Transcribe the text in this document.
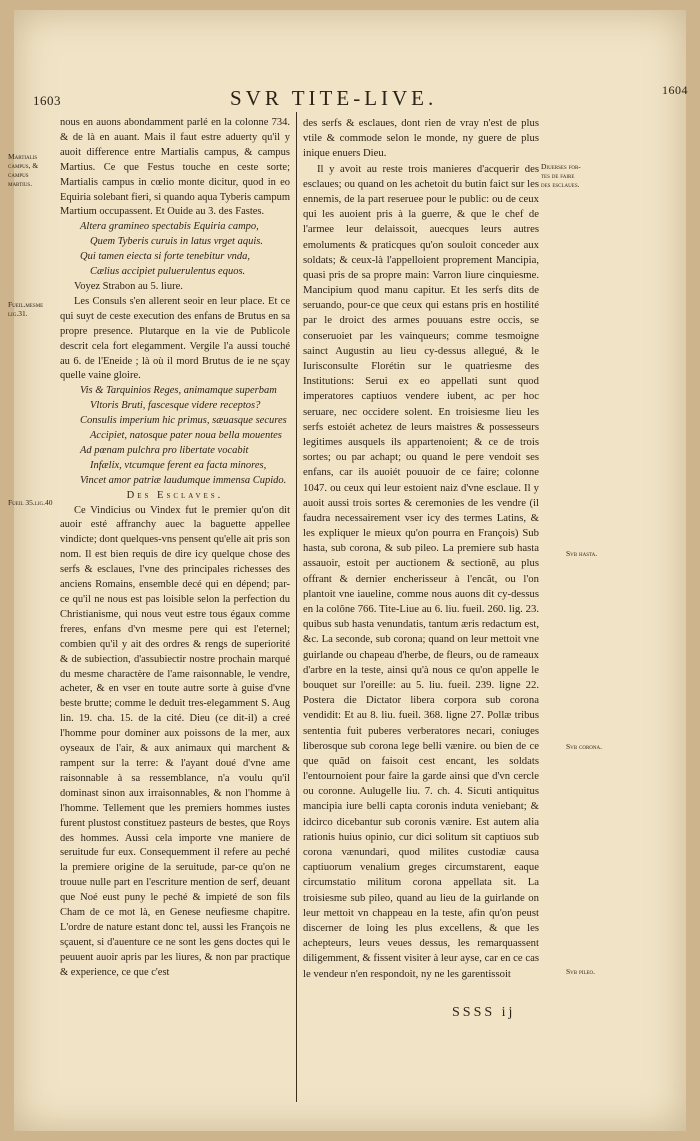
1603	SVR TITE-LIVE.	1604

nous en auons abondamment parlé en la colonne 734. & de là en auant. Mais il faut estre aduerty qu'il y auoit difference entre Martialis campus, & campus Martius. Ce que Festus touche en ceste sorte; Martialis campus in cœlio monte dicitur, quod in eo Equiria solebant fieri, si quando aqua Tyberis campum Martium occupassent. Et Ouide au 3. des Fastes.

Altera gramineo spectabis Equiria campo,
Quem Tyberis curuis in latus vrget aquis.
Qui tamen eiecta si forte tenebitur vnda,
Cælius accipiet puluerulentus equos.

Voyez Strabon au 5. liure.

Les Consuls s'en allerent seoir en leur place. Et ce qui suyt de ceste execution des enfans de Brutus en sa propre presence. Plutarque en la vie de Publicole descrit cela fort elegamment. Vergile l'a aussi touché au 6. de l'Eneide ; là où il mord Brutus de ie ne sçay quelle vaine gloire.

Vis & Tarquinios Reges, animamque superbam
Vltoris Bruti, fascesque videre receptos?
Consulis imperium hic primus, sæuasque secures
Accipiet, natosque pater noua bella mouentes
Ad pœnam pulchra pro libertate vocabit
Infælix, vtcumque ferent ea facta minores,
Vincet amor patriæ laudumque immensa Cupido.

Des Esclaves.

Ce Vindicius ou Vindex fut le premier qu'on dit auoir esté affranchy auec la baguette appellee vindicte; dont quelques-vns pensent qu'elle ait pris son nom. Il est bien requis de dire icy quelque chose des serfs & esclaues, l'vne des principales richesses des anciens Romains, ensemble decé qui en dépend; par-ce qu'il ne nous est pas loisible selon la perfection du Christianisme, qui nous veut estre tous égaux comme freres, enfans d'vn mesme pere qui est l'eternel; combien qu'il y ait des ordres & rengs de superiorité & de subiection, d'assubiectir nostre prochain marqué du mesme charactère de l'ame raisonnable, le vendre, acheter, & en vser en toute autre sorte à guise d'vne beste brutte; comme le deduit tres-elegamment S. Aug lin. 19. cha. 15. de la cité. Dieu (ce dit-il) a creé l'homme pour dominer aux poissons de la mer, aux oyseaux de l'air, & aux animaux qui marchent & rampent sur la terre: & l'ayant doué d'vne ame raisonnable à sa ressemblance, n'a voulu qu'il dominast sinon aux irraisonnables, & non l'homme à l'homme. Tellement que les premiers hommes iustes furent plustost constituez pasteurs de bestes, que Roys des hommes. Aussi cela importe vne maniere de seruitude fur eux. Consequemment il refere au peché la premiere origine de la seruitude, par-ce qu'on ne trouue nulle part en l'escriture mention de serf, deuant que Noé eust puny le peché & impieté de son fils Cham de ce mot là, en Genese neufiesme chapitre. L'ordre de nature estant donc tel, aussi les François ne sçauent, si d'auenture ce ne sont les gens doctes qui le peuuent auoir apris par les liures, & non par practique & experience, ce que c'est

des serfs & esclaues, dont rien de vray n'est de plus vtile & commode selon le monde, ny guere de plus inique enuers Dieu.

Il y avoit au reste trois manieres d'acquerir des esclaues; ou quand on les achetoit du butin faict sur les ennemis, de la part reseruee pour le public: ou de ceux qui les auoient pris à la guerre, & que le chef de l'armee leur delaissoit, auecques leurs autres emoluments & praticques qu'on souloit conceder aux soldats; & ceux-là l'appelloient proprement Mancipia, quasi pris de sa propre main: Varron liure cinquiesme. Mancipium quod manu capitur. Et les serfs dits de seruando, pour-ce que ceux qui estans pris en hostilité par le droict des armes pouuans estre occis, se conseruoiet par les vainqueurs; comme tesmoigne sainct Augustin au lieu cy-dessus allegué, & le Iurisconsulte Florétin sur le quatriesme des Institutions: Serui ex eo appellati sunt quod imperatores captiuos vendere iubent, ac per hoc seruare, nec occidere solent. En troisiesme lieu les serfs estoiét achetez de leurs maistres & possesseurs legitimes ausquels ils appartenoient; & ce de trois sortes; ou par achapt; ou quand le pere vendoit ses enfans, car ils auoiét pouuoir de ce faire; colonne 1047. ou ceux qui leur estoient naiz d'vne esclaue. Il y auoit aussi trois sortes & ceremonies de les vendre (il faudra necessairement vser icy des termes Latins, & les expliquer le mieux qu'on pourra en François) Sub hasta, sub corona, & sub pileo. La premiere sub hasta assauoir, estoit per auctionem & sectionē, au plus offrant & dernier encherisseur à l'encãt, ou l'on plantoit vne iaueline, comme nous auons dit cy-dessus en la colõne 766. Tite-Liue au 6. liu. fueil. 260. lig. 23. quibus sub hasta venundatis, tantum æris redactum est, &c. La seconde, sub corona; quand on leur mettoit vne guirlande ou chapeau d'herbe, de fleurs, ou de rameaux d'arbre en la teste, ainsi qu'à nous ce qu'on appelle le bouquet sur l'oreille: au 5. liu. fueil. 239. ligne 22. Postera die Dictator libera corpora sub corona vendidit: Et au 8. liu. fueil. 368. ligne 27. Pollæ tribus sententia fuit puberes verberatores necari, coniuges liberosque sub corona lege belli vænire. ou bien de ce que quãd on faisoit cest encant, les soldats l'entournoient pour faire la garde ainsi que d'vn cercle ou coronne. Aulugelle liu. 7. ch. 4. Sicuti antiquitus mancipia iure belli capta coronis induta veniebant; & idcirco dicebantur sub coronis vænire. Est autem alia rationis huius opinio, cur dici solitum sit captiuos sub corona vænundari, quod milites custodiæ causa captiuorum venalium greges circumstarent, eaque circumstatio militum corona appellata sit. La troisiesme sub pileo, quand au lieu de la guirlande on leur mettoit vn chappeau en la teste, afin qu'on peust discerner de loing les plus excellens, & que les achepteurs, leurs veues dessus, les remarquassent diligemment, & fissent visiter à leur ayse, car en ce cas le vendeur n'en respondoit, ny ne les garentissoit

Martialis
campus, &
campus
martius.
Fueil.mesme
lig.31.
Fueil 35.lig.40
Diuerses for-
tes de faire
des esclaues.
Svb hasta.
Svb corona.
Svb pileo.
SSSS ij
